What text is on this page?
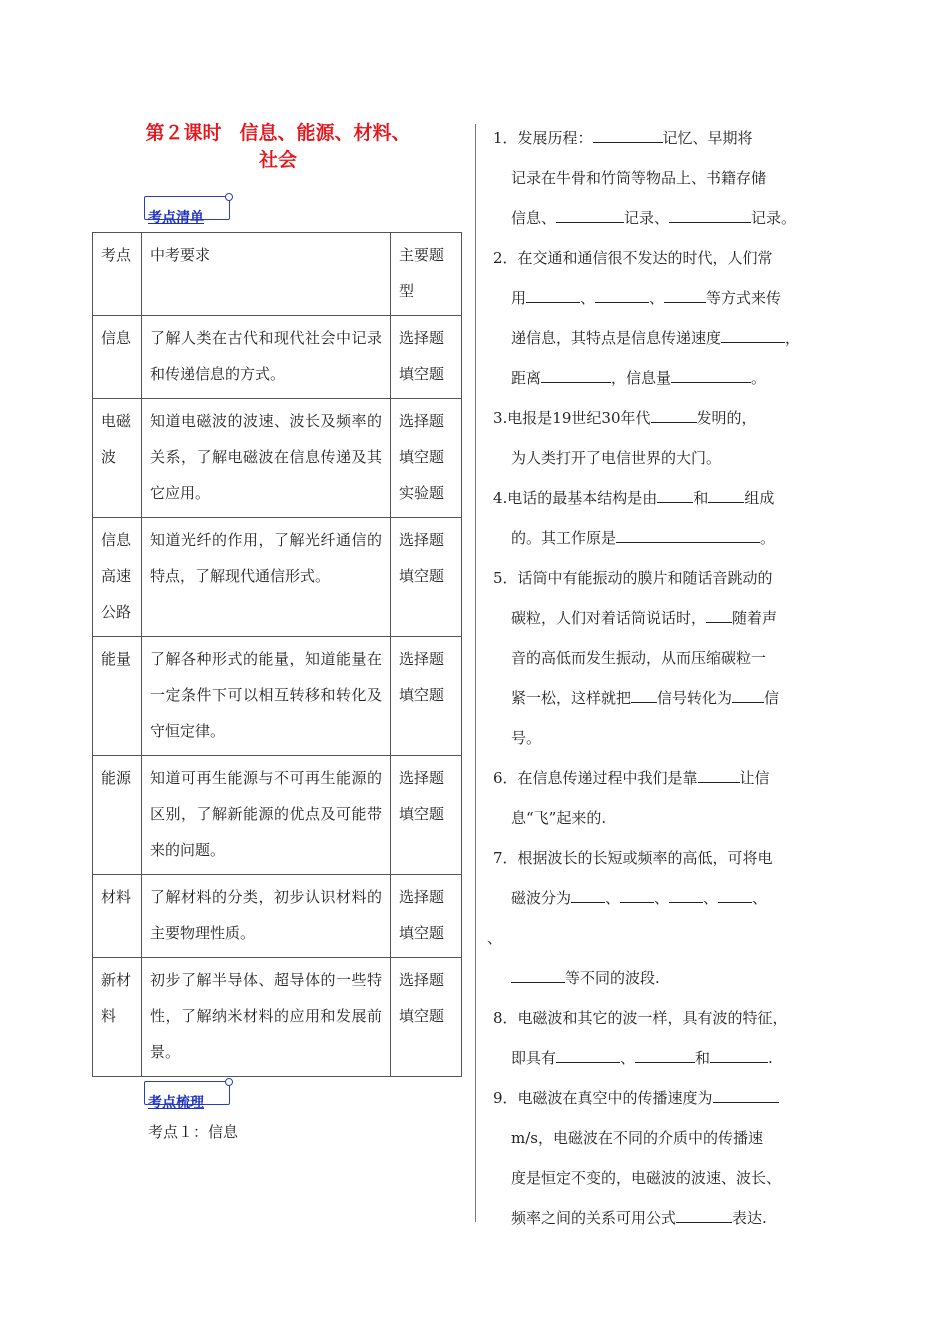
第２课时 信息、能源、材料、
社会
考点清单
考点	中考要求	主要题型
信息	了解人类在古代和现代社会中记录和传递信息的方式。	选择题
填空题
电磁波	知道电磁波的波速、波长及频率的关系，了解电磁波在信息传递及其它应用。	选择题
填空题
实验题
信息高速公路	知道光纤的作用，了解光纤通信的特点，了解现代通信形式。	选择题
填空题
能量	了解各种形式的能量，知道能量在一定条件下可以相互转移和转化及守恒定律。	选择题
填空题
能源	知道可再生能源与不可再生能源的区别，了解新能源的优点及可能带来的问题。	选择题
填空题
材料	了解材料的分类，初步认识材料的主要物理性质。	选择题
填空题
新材料	初步了解半导体、超导体的一些特性，了解纳米材料的应用和发展前景。	选择题
填空题
考点梳理
考点１：信息

1．发展历程：	记忆、早期将
记录在牛骨和竹筒等物品上、书籍存储
信息、	记录、	记录。

2．在交通和通信很不发达的时代，人们常
用	、	、	等方式来传
递信息，其特点是信息传递速度	，
距离	，信息量	。

3.电报是19世纪30年代	发明的，
为人类打开了电信世界的大门。

4.电话的最基本结构是由 和 组成
的。其工作原是	。

5．话筒中有能振动的膜片和随话音跳动的
碳粒，人们对着话筒说话时， 随着声
音的高低而发生振动，从而压缩碳粒一
紧一松，这样就把 信号转化为 信
号。

6．在信息传递过程中我们是靠	让信
息“飞”起来的.

7．根据波长的长短或频率的高低，可将电
磁波分为 、 、 、 、
、
等不同的波段.

8．电磁波和其它的波一样，具有波的特征，
即具有	、	和	.

9．电磁波在真空中的传播速度为
m/s，电磁波在不同的介质中的传播速
度是恒定不变的，电磁波的波速、波长、
频率之间的关系可用公式	表达.
